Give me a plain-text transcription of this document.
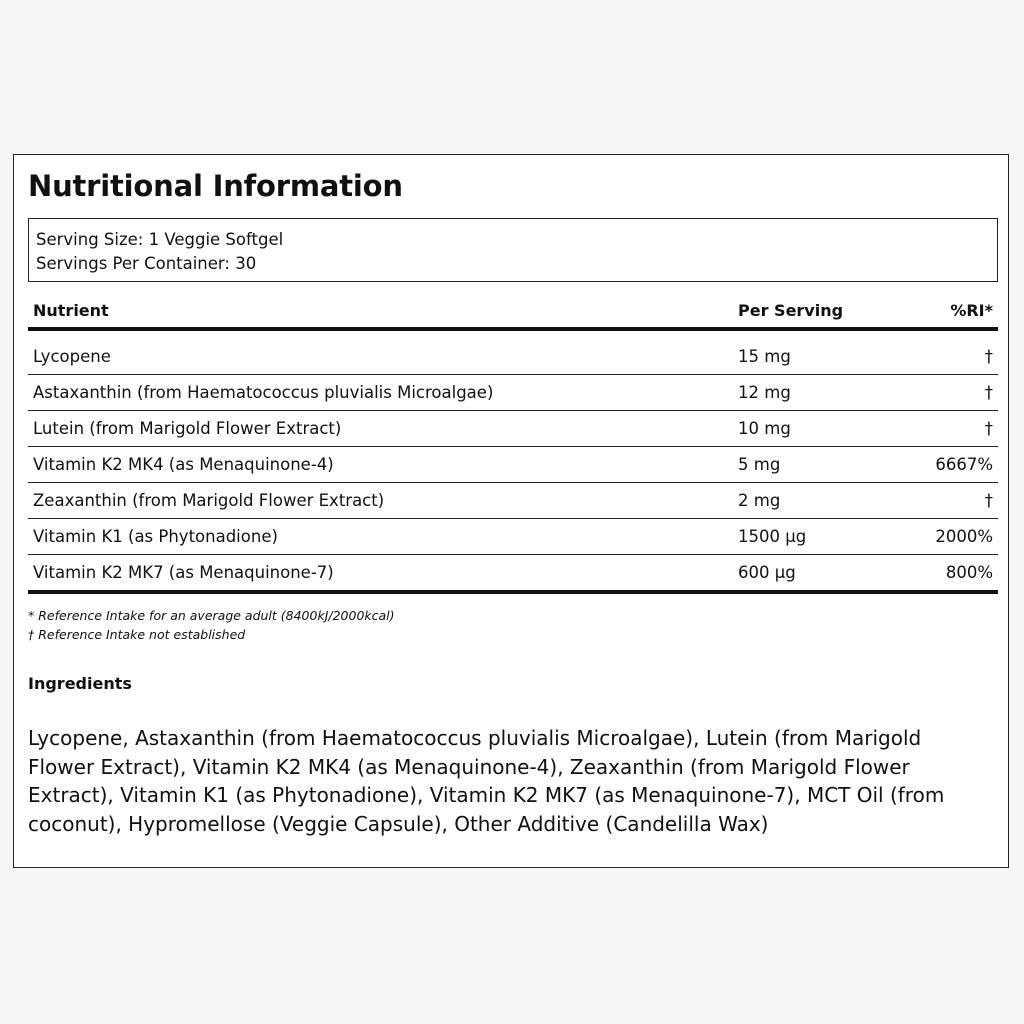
Nutritional Information
Serving Size: 1 Veggie Softgel
Servings Per Container: 30
Nutrient	Per Serving	%RI*
Lycopene	15 mg	†
Astaxanthin (from Haematococcus pluvialis Microalgae)	12 mg	†
Lutein (from Marigold Flower Extract)	10 mg	†
Vitamin K2 MK4 (as Menaquinone-4)	5 mg	6667%
Zeaxanthin (from Marigold Flower Extract)	2 mg	†
Vitamin K1 (as Phytonadione)	1500 µg	2000%
Vitamin K2 MK7 (as Menaquinone-7)	600 µg	800%
* Reference Intake for an average adult (8400kJ/2000kcal)
† Reference Intake not established
Ingredients
Lycopene, Astaxanthin (from Haematococcus pluvialis Microalgae), Lutein (from Marigold Flower Extract), Vitamin K2 MK4 (as Menaquinone-4), Zeaxanthin (from Marigold Flower Extract), Vitamin K1 (as Phytonadione), Vitamin K2 MK7 (as Menaquinone-7), MCT Oil (from coconut), Hypromellose (Veggie Capsule), Other Additive (Candelilla Wax)
